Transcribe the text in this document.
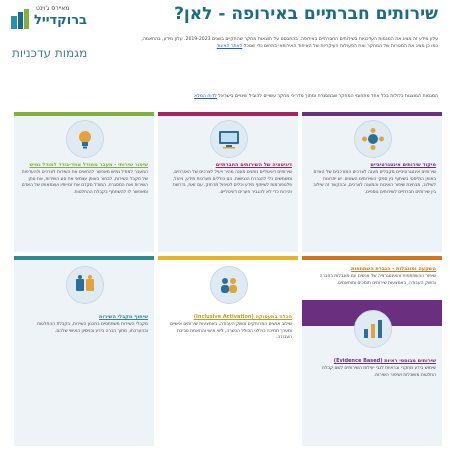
מאיירס ג'וינט
ברוקדייל	שירותים חברתיים באירופה - לאן?
עלון מידע זה מציג את המגמות העדכניות בשירותים החברתיים באירופה, בהתבסס על תוצאות מחקר שהתקיים בשנים 2019-2023. עלון מידע, בהתאמה, כמו כן מציג את המטרות של המחקר ואת הפעולות העיקריות של האיחוד האירופאי בתחום כדי שנוכל לאתר האיגוד
מגמות עדכניות
המגמות המוצגות כלולות בכל אחד מתחומי המחקר שבמסגרת ומתוך מדריכי מחקר עשויים להוביל שינויים בישראל לדוח המלא
מיקוד שירותים אינטגרטיביים
שירותים אינטגרטיביים מקבלים מענה לצרכים המורכבים של האדם באופן הוליסטי בשיתוף בין ספקי השירותים השונים. יש יתרונות לשילוב, מבחינת שיפור האיכות והמענה לצרכים, ובהקשר זה שילוב בין שירותים חברתיים לשירותים נוספים.
דיגיטציה של השירותים החברתיים
שירותים דיגיטליים נותנים מענה מהיר ויעיל לצרכים של האזרחים, ומשמשים כלי להגברת הנגישות. הם כוללים מערכות מידע, ניהול, פלטפורמות לשיתוף מידע וכלים לטיפול מרחוק. עם זאת, נדרשת זהירות כדי לא להגביר פערים דיגיטליים.
שיפור שירותי - מעבר ממודל אחד-בודד למודל גמיש
המעבר למודל גמיש מאפשר להתאים את השירות לצרכים ולהעדפות של מקבל השירות, לבחור באופן עצמאי את סוג השירות, את נותן השירות ואת המסגרת. המודל מקדם את זכויותיו ועצמאותו של האדם ומאפשר לו להשתתף בקבלת ההחלטות.
השקעה ומוגבלות - הגברת השתתפות
שיפור ההשתתפות והאינטגרציה של אנשים עם מוגבלות בחברה ובשוק העבודה, באמצעות שירותים תומכים ומותאמים.
הכלה בתעסוקה (Inclusive Activation)
שילוב אנשים המרוחקים משוק העבודה, באמצעות שירותים אישיים ומערך תמיכה כוללני הכולל הכשרה, ליווי אישי והתאמת סביבת העבודה.
שיתוף מקבלי השירות
מקבלי השירות משתתפים בתכנון השירות, בקבלת ההחלטות ובהערכתו, מתוך הכרה בידע ובניסיון האישי שלהם.
שירותים מבוססי ראיות (Evidence Based)
שימוש בידע מחקרי ובראיות לגבי יעילות השירותים לשם קבלת החלטות מושכלות ושיפור השירות.
